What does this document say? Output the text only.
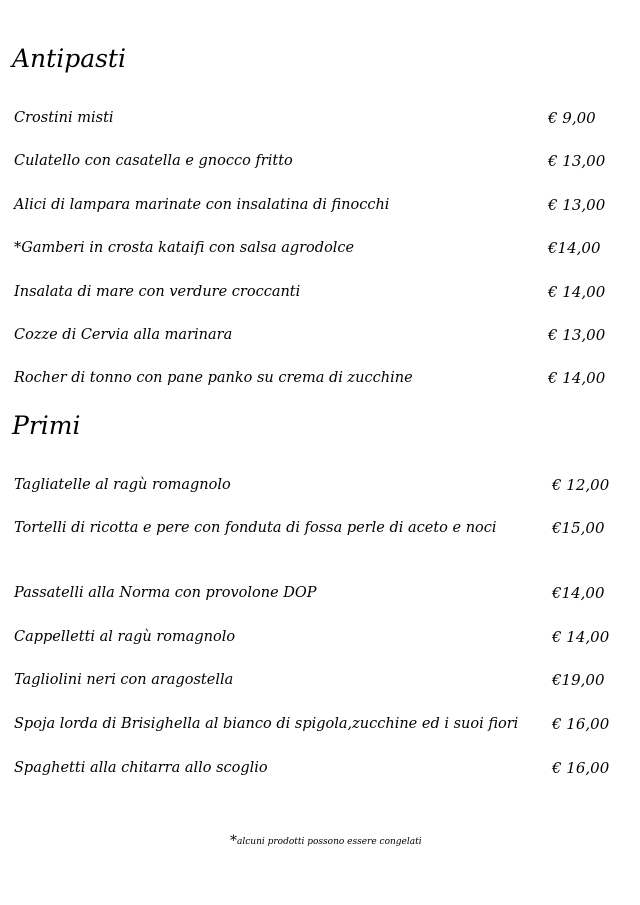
Antipasti
Crostini misti	€ 9,00
Culatello con casatella e gnocco fritto	€ 13,00
Alici di lampara marinate con insalatina di finocchi	€ 13,00
*Gamberi in crosta kataifi con salsa agrodolce	€14,00
Insalata di mare con verdure croccanti	€ 14,00
Cozze di Cervia alla marinara	€ 13,00
Rocher di tonno con pane panko su crema di zucchine	€ 14,00
Primi
Tagliatelle al ragù romagnolo	€ 12,00
Tortelli di ricotta e pere con fonduta di fossa perle di aceto e noci	€15,00
Passatelli alla Norma con provolone DOP	€14,00
Cappelletti al ragù romagnolo	€ 14,00
Tagliolini neri con aragostella	€19,00
Spoja lorda di Brisighella al bianco di spigola,zucchine ed i suoi fiori € 16,00
Spaghetti alla chitarra allo scoglio	€ 16,00
*alcuni prodotti possono essere congelati
